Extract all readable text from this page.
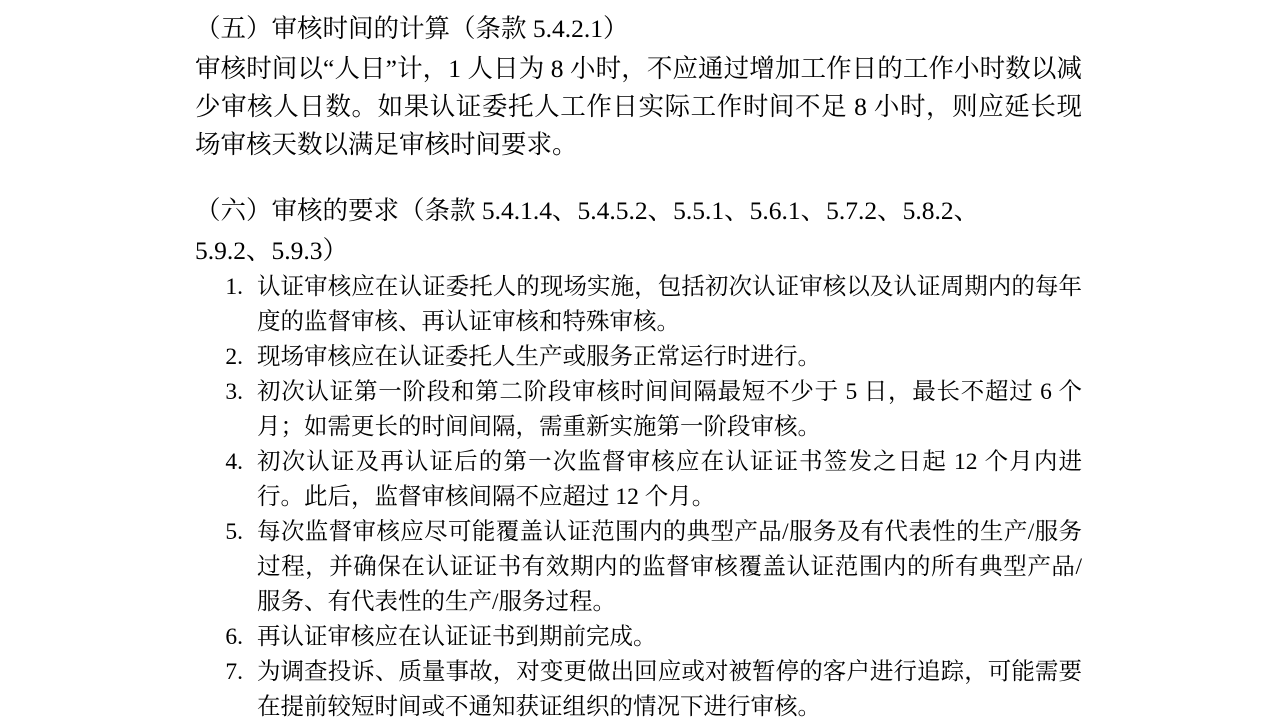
（五）审核时间的计算（条款 5.4.2.1）
审核时间以“人日”计，1 人日为 8 小时，不应通过增加工作日的工作小时数以减少审核人日数。如果认证委托人工作日实际工作时间不足 8 小时，则应延长现场审核天数以满足审核时间要求。
（六）审核的要求（条款 5.4.1.4、5.4.5.2、5.5.1、5.6.1、5.7.2、5.8.2、
5.9.2、5.9.3）
1. 认证审核应在认证委托人的现场实施，包括初次认证审核以及认证周期内的每年度的监督审核、再认证审核和特殊审核。
2. 现场审核应在认证委托人生产或服务正常运行时进行。
3. 初次认证第一阶段和第二阶段审核时间间隔最短不少于 5 日，最长不超过 6 个月；如需更长的时间间隔，需重新实施第一阶段审核。
4. 初次认证及再认证后的第一次监督审核应在认证证书签发之日起 12 个月内进行。此后，监督审核间隔不应超过 12 个月。
5. 每次监督审核应尽可能覆盖认证范围内的典型产品/服务及有代表性的生产/服务过程，并确保在认证证书有效期内的监督审核覆盖认证范围内的所有典型产品/服务、有代表性的生产/服务过程。
6. 再认证审核应在认证证书到期前完成。
7. 为调查投诉、质量事故，对变更做出回应或对被暂停的客户进行追踪，可能需要在提前较短时间或不通知获证组织的情况下进行审核。
